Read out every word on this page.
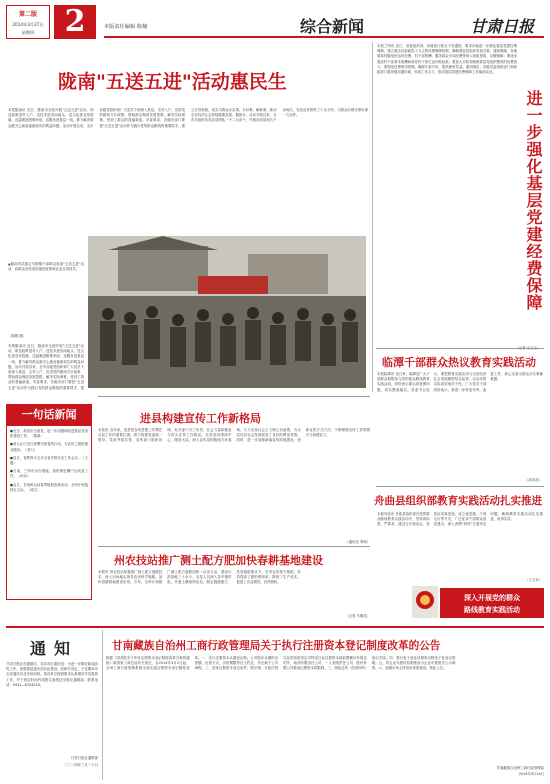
第二版
2014年3月27日
星期四	2	本版责任编辑 陈楠	综合新闻	甘肃日报
陇南"五送五进"活动惠民生
本报陇南讯 近日，陇南市全面开展"五送五进"活动，即送政策进村入户、送技术进田间地头、送文化进农家院落、送温暖进困难家庭、送服务进基层一线，着力解决群众最关心最直接最现实的利益问题。活动开展以来，全市各级党组织和广大党员干部深入基层，走村入户，宣讲党的路线方针政策，帮助群众理清发展思路，解决实际困难，受到了群众的普遍欢迎。市委要求，各级各部门要把"五送五进"活动作为践行党的群众路线的重要抓手，建立长效机制，切实为群众办实事、办好事、解难事，推动全市经济社会持续健康发展。据统计，活动开展以来，全市共组织各类宣讲团队一千二百余个，开展各类培训五千余场次，发放宣传资料三十余万份，为群众办理实事好事一万余件。
▲陇南市武都区马街镇干部群众参加"五送五进"活动，向群众宣传党的惠民政策和农业实用技术。
（陈佩 摄）
本报陇南讯 近日，陇南市全面开展"五送五进"活动，即送政策进村入户、送技术进田间地头、送文化进农家院落、送温暖进困难家庭、送服务进基层一线，着力解决群众最关心最直接最现实的利益问题。活动开展以来，全市各级党组织和广大党员干部深入基层，走村入户，宣讲党的路线方针政策，帮助群众理清发展思路，解决实际困难，受到了群众的普遍欢迎。市委要求，各级各部门要把"五送五进"活动作为践行党的群众路线的重要抓手，建
本报兰州讯 近日，省委组织部、省财政厅联合下发通知，要求各地进一步强化基层党建经费保障，建立健全以财政投入为主的经费保障机制，确保基层党组织有钱办事。通知明确，各地要将村级组织运转经费、村干部报酬、服务群众专项经费等纳入财政预算，足额保障；要逐步提高村干部基本报酬和离任村干部生活补贴标准；要加大对软弱涣散基层党组织整顿的经费投入；要规范经费使用管理，确保专款专用，提高使用效益。通知指出，各级党委组织部门和财政部门要加强沟通协调，形成工作合力，推动基层党建经费保障工作落到实处。
进一步强化基层党建经费保障
临潭千部群众热议教育实践活动
本报临潭讯 连日来，临潭县广大干部群众积极参与党的群众路线教育实践活动，纷纷表示要认真查摆问题、切实整改落实。县委书记表示，要把教育实践活动与全县经济社会发展紧密结合起来，以活动的实际成效取信于民。广大党员干部纷纷表示，要进一步转变作风、改进工作，真心实意为群众办实事解难题。
（高向东）
舟曲县组织部教育实践活动扎实推进
本报舟曲讯 舟曲县组织部在党的群众路线教育实践活动中，坚持高标准、严要求，通过召开座谈会、发放征求意见表、设立意见箱、个别走访等方式，广泛征求干部群众意见建议，深入查摆"四风"方面突出问题，确保教育实践活动扎实推进、取得实效。
（王文东）
深入开展党的群众
路线教育实践活动
一句话新闻
●近日，我省出台意见，进一步加强和改进基层党组织建设工作。（陈新）
●省人社厅近日部署开展春风行动，为农民工提供就业服务。（刘力）
●近日，省教育厅召开全省学校安全工作会议。（王磊）
●日前，兰州市出台措施，加快推进棚户区改造工作。（孙洁）
●近日，甘南州启动春季植树造林活动，全州计划造林五万亩。（周文）
进县构建宣传工作新格局
本报讯 近年来，进县把宣传思想工作摆在全局工作的重要位置，着力构建党委统一领导、党政齐抓共管、宣传部门组织协调、有关部门分工负责、社会力量积极参与的大宣传工作格局。全县坚持围绕中心、服务大局，深入宣传党的路线方针政策，大力弘扬社会主义核心价值观，为全县经济社会发展营造了良好的舆论氛围。同时，进一步加强新闻宣传阵地建设，创新宣传方式方法，不断增强宣传工作的吸引力和感染力。
（通讯员 李明）
州农技站推广测土配方肥加快春耕基地建设
本报讯 州农技站积极推广测土配方施肥技术，深入田间地头指导农民科学施肥，加快春耕基地建设步伐。今年，全州计划推广测土配方施肥面积一百余万亩，建设示范基地三十余个。农技人员深入各乡镇村组，开展土壤取样化验，制定施肥配方，发放施肥建议卡，引导农民按方施肥，有效提高了肥料利用率，降低了生产成本，促进了农业增效、农民增收。
（记者 马顺龙）
通知
甘肃日报社各通联站、各县市区通讯组：为进一步做好新闻宣传工作，加强基层通讯员队伍建设，经研究决定，于近期举办全省通讯员业务培训班。请各单位按照要求认真做好学员推荐工作，并于规定时间内将报名表报送至报社通联部。联系电话：0931—8154253。
甘肃日报社通联部
二〇一四年三月二十日
甘南藏族自治州工商行政管理局关于执行注册资本登记制度改革的公告
根据《国务院关于印发注册资本登记制度改革方案的通知》和国家工商总局有关规定，自2014年3月1日起，全州工商行政管理系统全面实施注册资本登记制度改革。一、实行注册资本认缴登记制。公司股东认缴的出资额、出资方式、出资期限等自主约定，并记载于公司章程。二、放宽注册资本登记条件。除法律、行政法规以及国务院决定对特定行业注册资本最低限额另有规定的外，取消有限责任公司、一人有限责任公司、股份有限公司最低注册资本的限制。三、简化住所（经营场所）登记手续。四、推行电子营业执照和全程电子化登记管理。五、将企业年度检验制度改为企业年度报告公示制度。六、加强市场主体信用体系建设。特此公告。
甘南藏族自治州工商行政管理局
2014年3月14日
